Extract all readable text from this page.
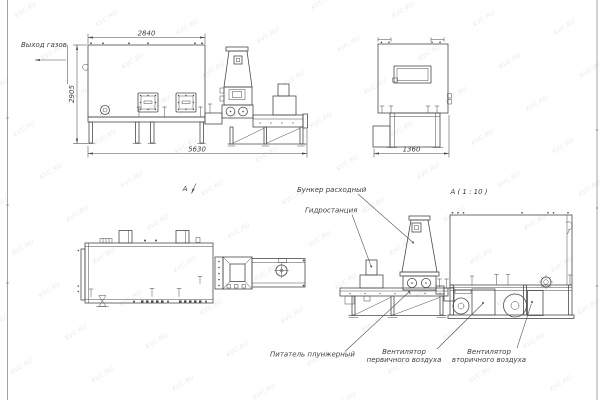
2840
2905
5630	1360
Выход газов
А	А ( 1 : 10 )
Бункер расходный
Гидростанция
Питатель плунжерный	Вентилятор
первичного воздуха
Вентилятор
вторичного воздуха
